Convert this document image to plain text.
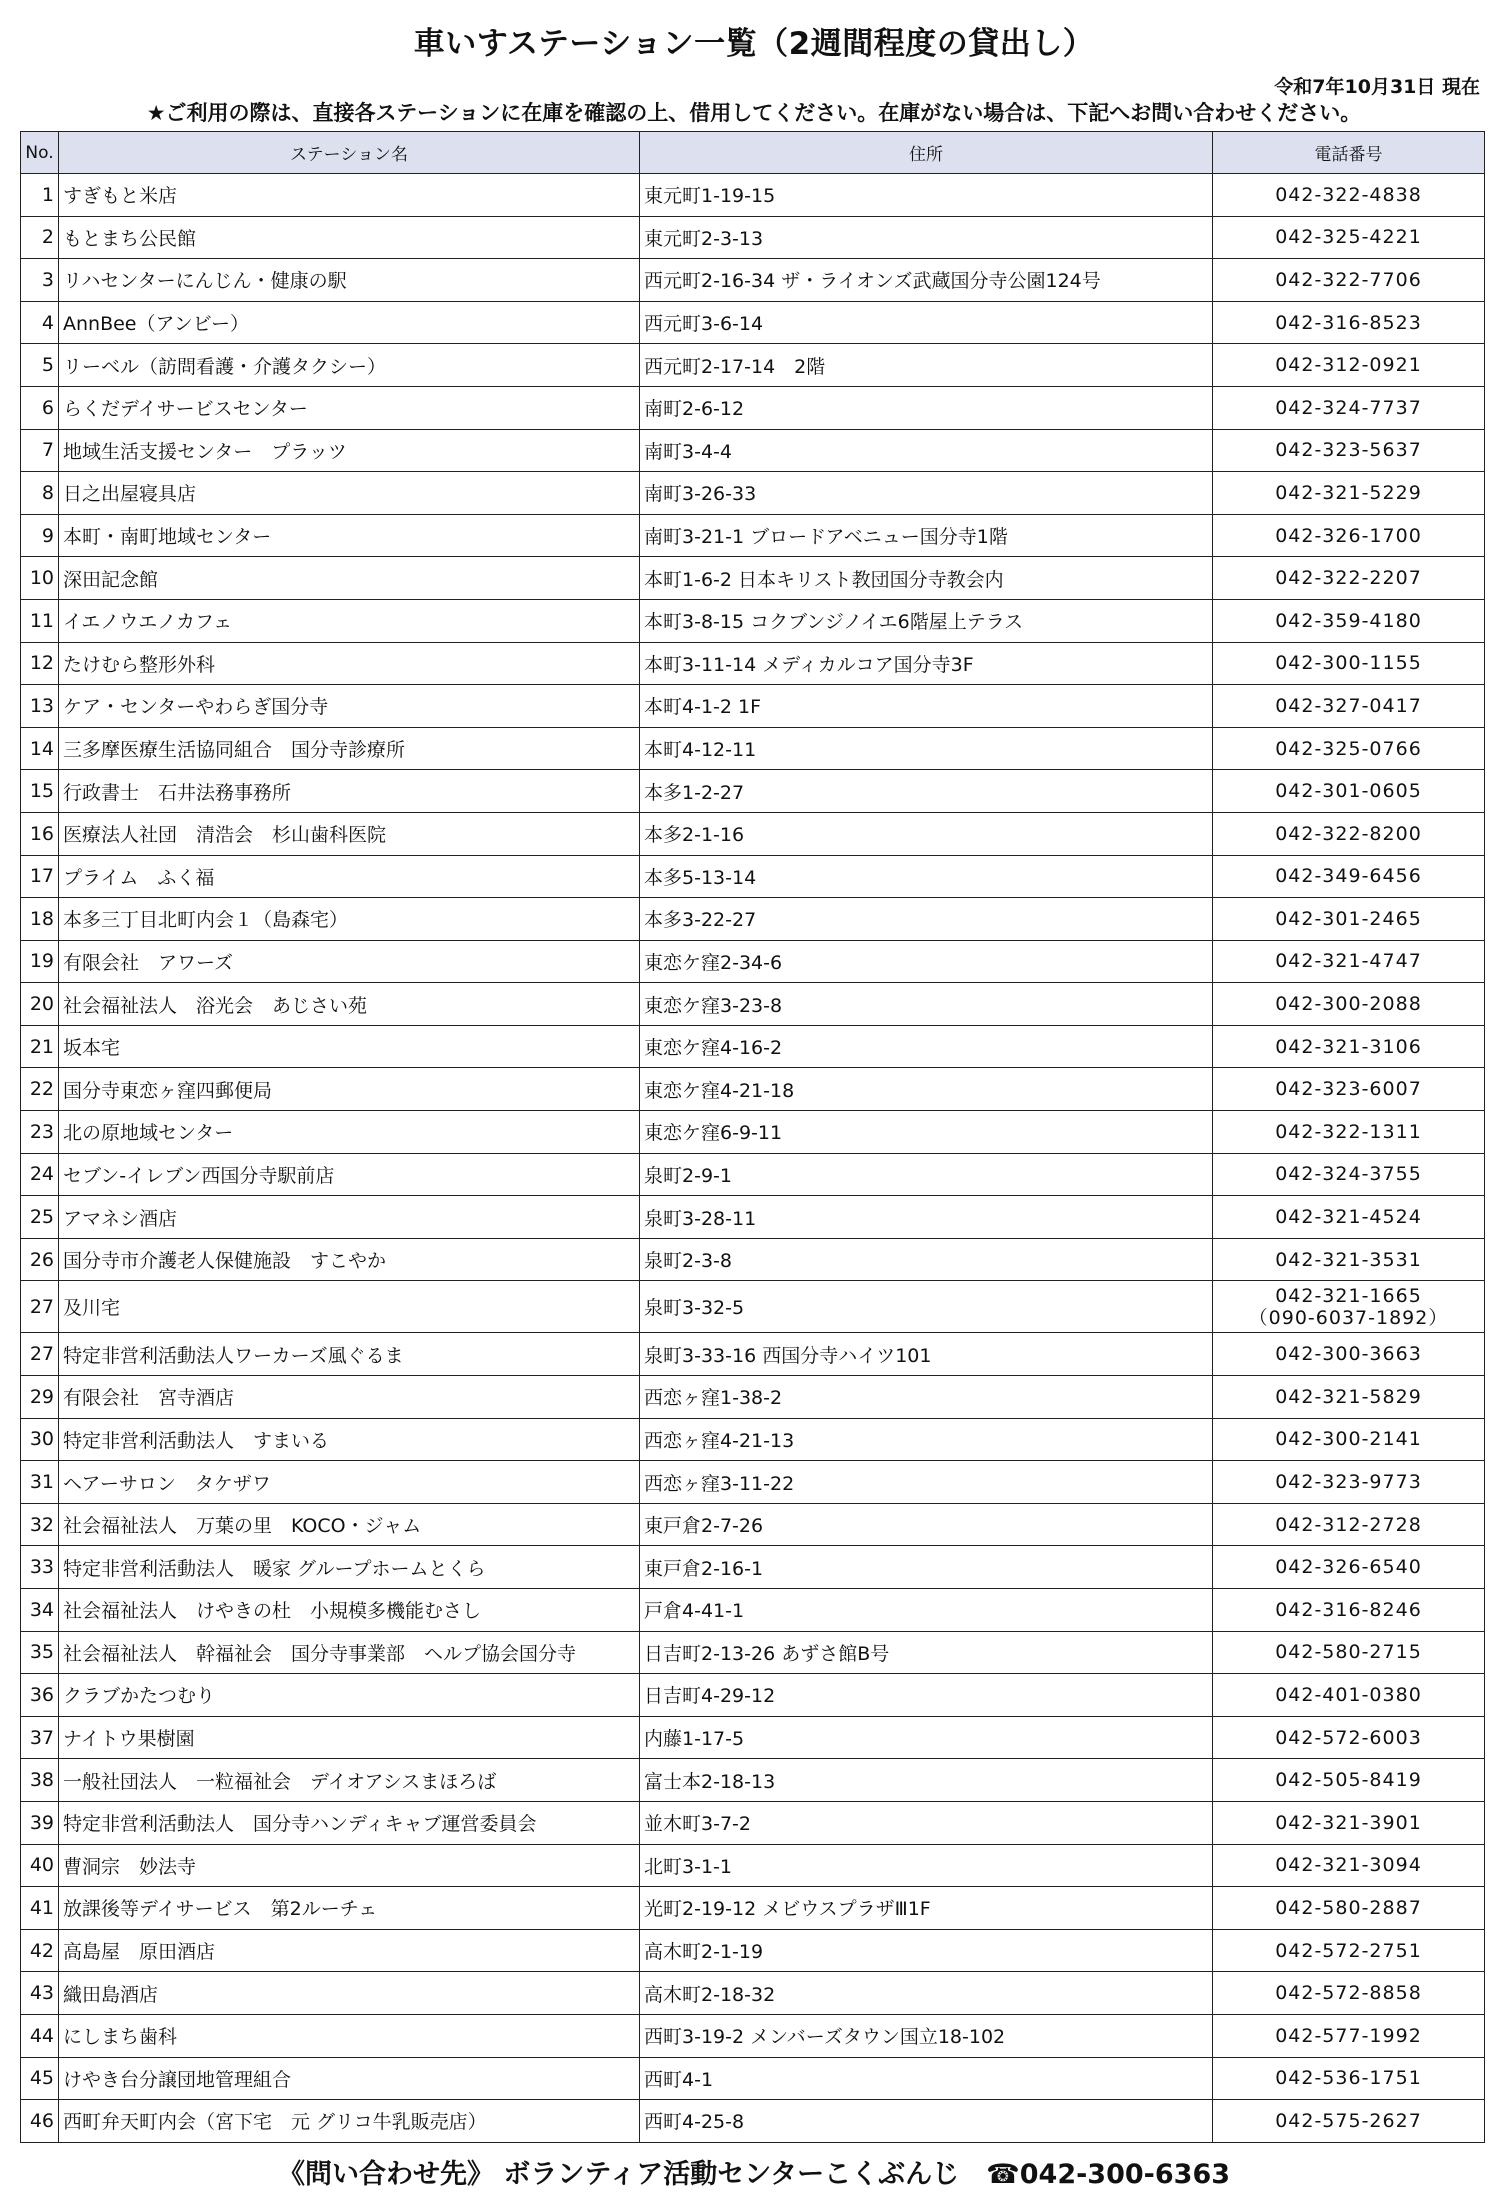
車いすステーション一覧（2週間程度の貸出し）
令和7年10月31日 現在
★ご利用の際は、直接各ステーションに在庫を確認の上、借用してください。在庫がない場合は、下記へお問い合わせください。
No.	ステーション名	住所	電話番号
1	すぎもと米店	東元町1-19-15	042-322-4838
2	もとまち公民館	東元町2-3-13	042-325-4221
3	リハセンターにんじん・健康の駅	西元町2-16-34 ザ・ライオンズ武蔵国分寺公園124号	042-322-7706
4	AnnBee（アンビー）	西元町3-6-14	042-316-8523
5	リーベル（訪問看護・介護タクシー）	西元町2-17-14　2階	042-312-0921
6	らくだデイサービスセンター	南町2-6-12	042-324-7737
7	地域生活支援センター　プラッツ	南町3-4-4	042-323-5637
8	日之出屋寝具店	南町3-26-33	042-321-5229
9	本町・南町地域センター	南町3-21-1 ブロードアベニュー国分寺1階	042-326-1700
10	深田記念館	本町1-6-2 日本キリスト教団国分寺教会内	042-322-2207
11	イエノウエノカフェ	本町3-8-15 コクブンジノイエ6階屋上テラス	042-359-4180
12	たけむら整形外科	本町3-11-14 メディカルコア国分寺3F	042-300-1155
13	ケア・センターやわらぎ国分寺	本町4-1-2 1F	042-327-0417
14	三多摩医療生活協同組合　国分寺診療所	本町4-12-11	042-325-0766
15	行政書士　石井法務事務所	本多1-2-27	042-301-0605
16	医療法人社団　清浩会　杉山歯科医院	本多2-1-16	042-322-8200
17	プライム　ふく福	本多5-13-14	042-349-6456
18	本多三丁目北町内会１（島森宅）	本多3-22-27	042-301-2465
19	有限会社　アワーズ	東恋ケ窪2-34-6	042-321-4747
20	社会福祉法人　浴光会　あじさい苑	東恋ケ窪3-23-8	042-300-2088
21	坂本宅	東恋ケ窪4-16-2	042-321-3106
22	国分寺東恋ヶ窪四郵便局	東恋ケ窪4-21-18	042-323-6007
23	北の原地域センター	東恋ケ窪6-9-11	042-322-1311
24	セブン-イレブン西国分寺駅前店	泉町2-9-1	042-324-3755
25	アマネシ酒店	泉町3-28-11	042-321-4524
26	国分寺市介護老人保健施設　すこやか	泉町2-3-8	042-321-3531
27	及川宅	泉町3-32-5	042-321-1665
（090-6037-1892）

27	特定非営利活動法人ワーカーズ風ぐるま	泉町3-33-16 西国分寺ハイツ101	042-300-3663
29	有限会社　宮寺酒店	西恋ヶ窪1-38-2	042-321-5829
30	特定非営利活動法人　すまいる	西恋ヶ窪4-21-13	042-300-2141
31	ヘアーサロン　タケザワ	西恋ヶ窪3-11-22	042-323-9773
32	社会福祉法人　万葉の里　KOCO・ジャム	東戸倉2-7-26	042-312-2728
33	特定非営利活動法人　暖家 グループホームとくら	東戸倉2-16-1	042-326-6540
34	社会福祉法人　けやきの杜　小規模多機能むさし	戸倉4-41-1	042-316-8246
35	社会福祉法人　幹福祉会　国分寺事業部　ヘルプ協会国分寺	日吉町2-13-26 あずさ館B号	042-580-2715
36	クラブかたつむり	日吉町4-29-12	042-401-0380
37	ナイトウ果樹園	内藤1-17-5	042-572-6003
38	一般社団法人　一粒福祉会　デイオアシスまほろば	富士本2-18-13	042-505-8419
39	特定非営利活動法人　国分寺ハンディキャブ運営委員会	並木町3-7-2	042-321-3901
40	曹洞宗　妙法寺	北町3-1-1	042-321-3094
41	放課後等デイサービス　第2ルーチェ	光町2-19-12 メビウスプラザⅢ1F	042-580-2887
42	高島屋　原田酒店	高木町2-1-19	042-572-2751
43	織田島酒店	高木町2-18-32	042-572-8858
44	にしまち歯科	西町3-19-2 メンバーズタウン国立18-102	042-577-1992
45	けやき台分譲団地管理組合	西町4-1	042-536-1751
46	西町弁天町内会（宮下宅　元 グリコ牛乳販売店）	西町4-25-8	042-575-2627
《問い合わせ先》 ボランティア活動センターこくぶんじ　☎042-300-6363
